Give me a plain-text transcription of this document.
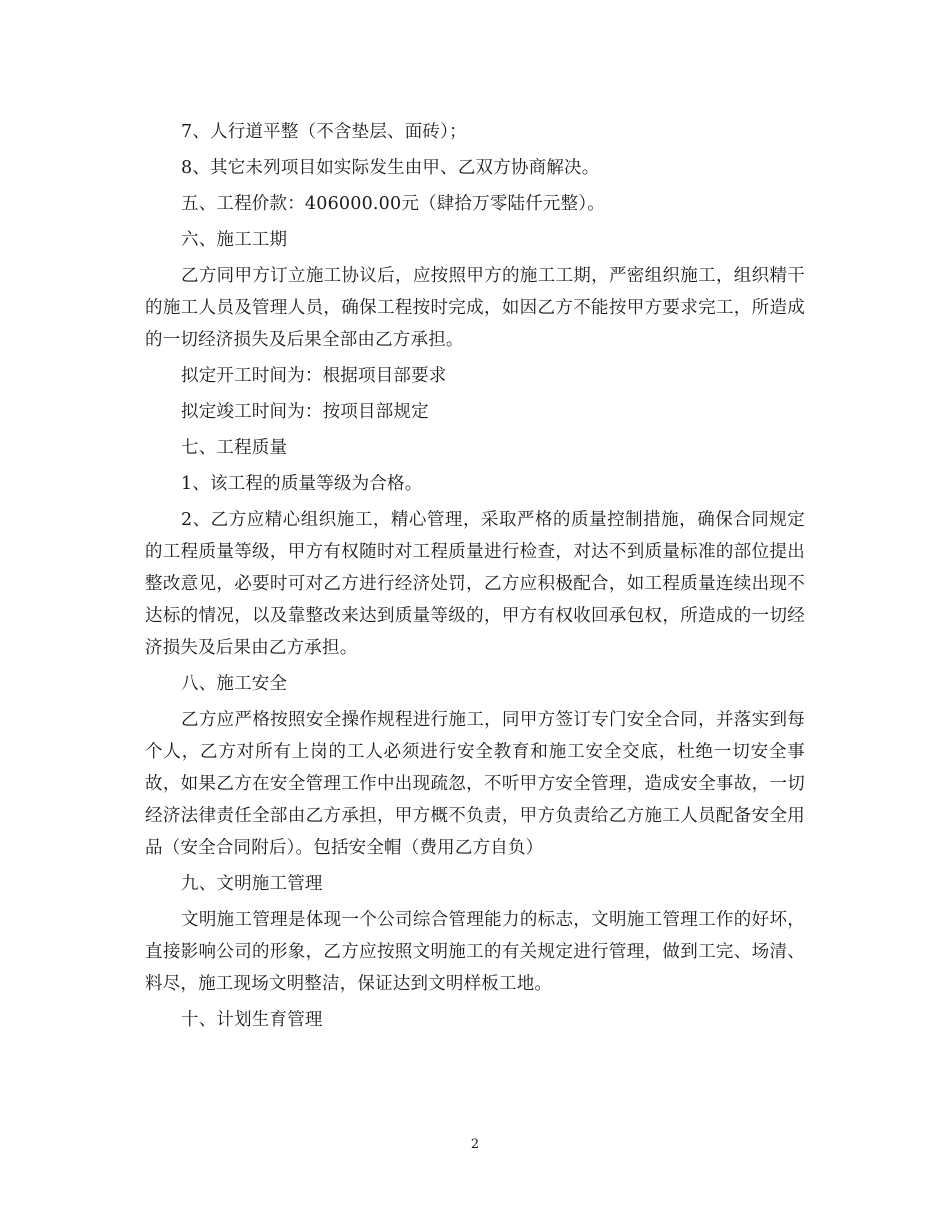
7、人行道平整（不含垫层、面砖）；

8、其它未列项目如实际发生由甲、乙双方协商解决。

五、工程价款：406000.00元（肆拾万零陆仟元整）。

六、施工工期

乙方同甲方订立施工协议后，应按照甲方的施工工期，严密组织施工，组织精干的施工人员及管理人员，确保工程按时完成，如因乙方不能按甲方要求完工，所造成的一切经济损失及后果全部由乙方承担。

拟定开工时间为：根据项目部要求

拟定竣工时间为：按项目部规定

七、工程质量

1、该工程的质量等级为合格。

2、乙方应精心组织施工，精心管理，采取严格的质量控制措施，确保合同规定的工程质量等级，甲方有权随时对工程质量进行检查，对达不到质量标准的部位提出整改意见，必要时可对乙方进行经济处罚，乙方应积极配合，如工程质量连续出现不达标的情况，以及靠整改来达到质量等级的，甲方有权收回承包权，所造成的一切经济损失及后果由乙方承担。

八、施工安全

乙方应严格按照安全操作规程进行施工，同甲方签订专门安全合同，并落实到每个人，乙方对所有上岗的工人必须进行安全教育和施工安全交底，杜绝一切安全事故，如果乙方在安全管理工作中出现疏忽，不听甲方安全管理，造成安全事故，一切经济法律责任全部由乙方承担，甲方概不负责，甲方负责给乙方施工人员配备安全用品（安全合同附后）。包括安全帽（费用乙方自负）

九、文明施工管理

文明施工管理是体现一个公司综合管理能力的标志，文明施工管理工作的好坏，直接影响公司的形象，乙方应按照文明施工的有关规定进行管理，做到工完、场清、料尽，施工现场文明整洁，保证达到文明样板工地。

十、计划生育管理

2
